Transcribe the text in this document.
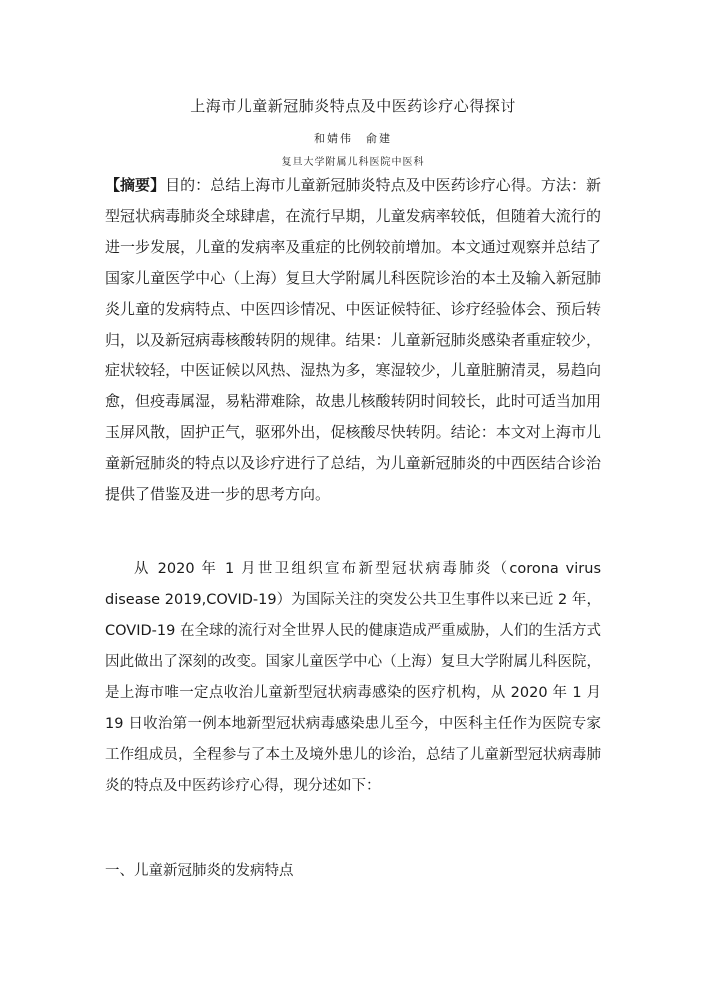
上海市儿童新冠肺炎特点及中医药诊疗心得探讨
和婧伟　俞建
复旦大学附属儿科医院中医科

【摘要】目的：总结上海市儿童新冠肺炎特点及中医药诊疗心得。方法：新型冠状病毒肺炎全球肆虐，在流行早期，儿童发病率较低，但随着大流行的进一步发展，儿童的发病率及重症的比例较前增加。本文通过观察并总结了国家儿童医学中心（上海）复旦大学附属儿科医院诊治的本土及输入新冠肺炎儿童的发病特点、中医四诊情况、中医证候特征、诊疗经验体会、预后转归，以及新冠病毒核酸转阴的规律。结果：儿童新冠肺炎感染者重症较少，症状较轻，中医证候以风热、湿热为多，寒湿较少，儿童脏腑清灵，易趋向愈，但疫毒属湿，易粘滞难除，故患儿核酸转阴时间较长，此时可适当加用玉屏风散，固护正气，驱邪外出，促核酸尽快转阴。结论：本文对上海市儿童新冠肺炎的特点以及诊疗进行了总结，为儿童新冠肺炎的中西医结合诊治提供了借鉴及进一步的思考方向。

从 2020 年 1 月世卫组织宣布新型冠状病毒肺炎（corona virus disease 2019,COVID-19）为国际关注的突发公共卫生事件以来已近 2 年，COVID-19 在全球的流行对全世界人民的健康造成严重威胁，人们的生活方式因此做出了深刻的改变。国家儿童医学中心（上海）复旦大学附属儿科医院，是上海市唯一定点收治儿童新型冠状病毒感染的医疗机构，从 2020 年 1 月 19 日收治第一例本地新型冠状病毒感染患儿至今，中医科主任作为医院专家工作组成员，全程参与了本土及境外患儿的诊治，总结了儿童新型冠状病毒肺炎的特点及中医药诊疗心得，现分述如下：

一、儿童新冠肺炎的发病特点
